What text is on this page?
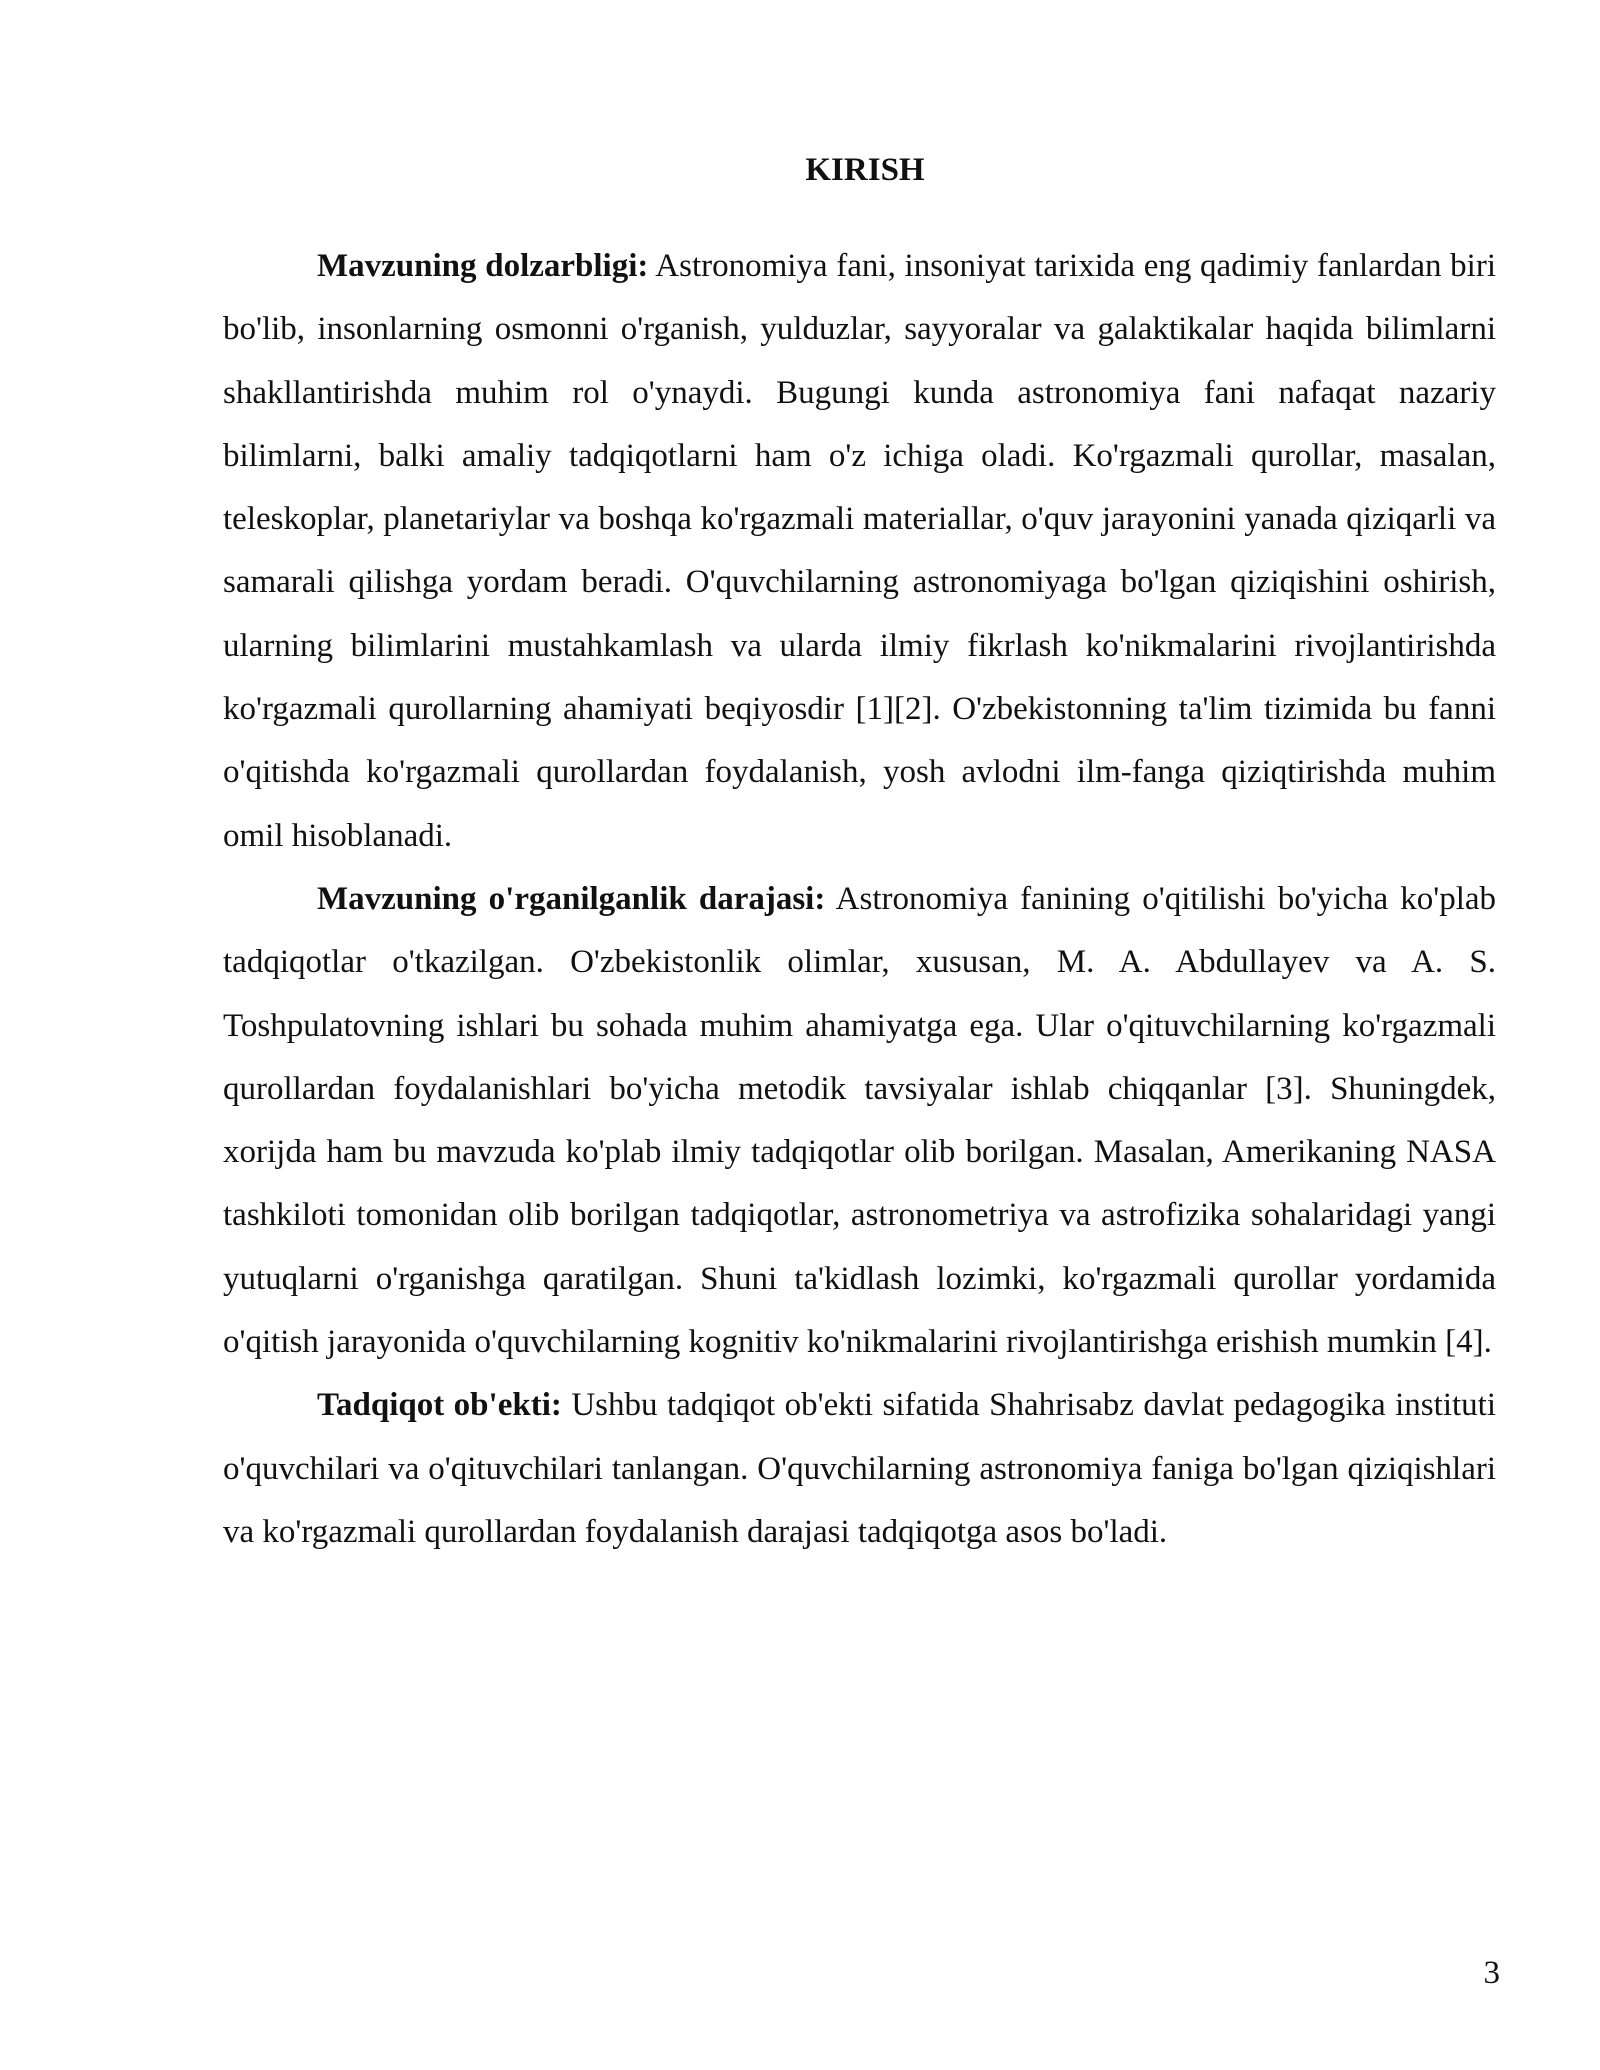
KIRISH

Mavzuning dolzarbligi: Astronomiya fani, insoniyat tarixida eng qadimiy fanlardan biri bo'lib, insonlarning osmonni o'rganish, yulduzlar, sayyoralar va galaktikalar haqida bilimlarni shakllantirishda muhim rol o'ynaydi. Bugungi kunda astronomiya fani nafaqat nazariy bilimlarni, balki amaliy tadqiqotlarni ham o'z ichiga oladi. Ko'rgazmali qurollar, masalan, teleskoplar, planetariylar va boshqa ko'rgazmali materiallar, o'quv jarayonini yanada qiziqarli va samarali qilishga yordam beradi. O'quvchilarning astronomiyaga bo'lgan qiziqishini oshirish, ularning bilimlarini mustahkamlash va ularda ilmiy fikrlash ko'nikmalarini rivojlantirishda ko'rgazmali qurollarning ahamiyati beqiyosdir [1][2]. O'zbekistonning ta'lim tizimida bu fanni o'qitishda ko'rgazmali qurollardan foydalanish, yosh avlodni ilm-fanga qiziqtirishda muhim omil hisoblanadi.

Mavzuning o'rganilganlik darajasi: Astronomiya fanining o'qitilishi bo'yicha ko'plab tadqiqotlar o'tkazilgan. O'zbekistonlik olimlar, xususan, M. A. Abdullayev va A. S. Toshpulatovning ishlari bu sohada muhim ahamiyatga ega. Ular o'qituvchilarning ko'rgazmali qurollardan foydalanishlari bo'yicha metodik tavsiyalar ishlab chiqqanlar [3]. Shuningdek, xorijda ham bu mavzuda ko'plab ilmiy tadqiqotlar olib borilgan. Masalan, Amerikaning NASA tashkiloti tomonidan olib borilgan tadqiqotlar, astronometriya va astrofizika sohalaridagi yangi yutuqlarni o'rganishga qaratilgan. Shuni ta'kidlash lozimki, ko'rgazmali qurollar yordamida o'qitish jarayonida o'quvchilarning kognitiv ko'nikmalarini rivojlantirishga erishish mumkin [4].

Tadqiqot ob'ekti: Ushbu tadqiqot ob'ekti sifatida Shahrisabz davlat pedagogika instituti o'quvchilari va o'qituvchilari tanlangan. O'quvchilarning astronomiya faniga bo'lgan qiziqishlari va ko'rgazmali qurollardan foydalanish darajasi tadqiqotga asos bo'ladi.

3
